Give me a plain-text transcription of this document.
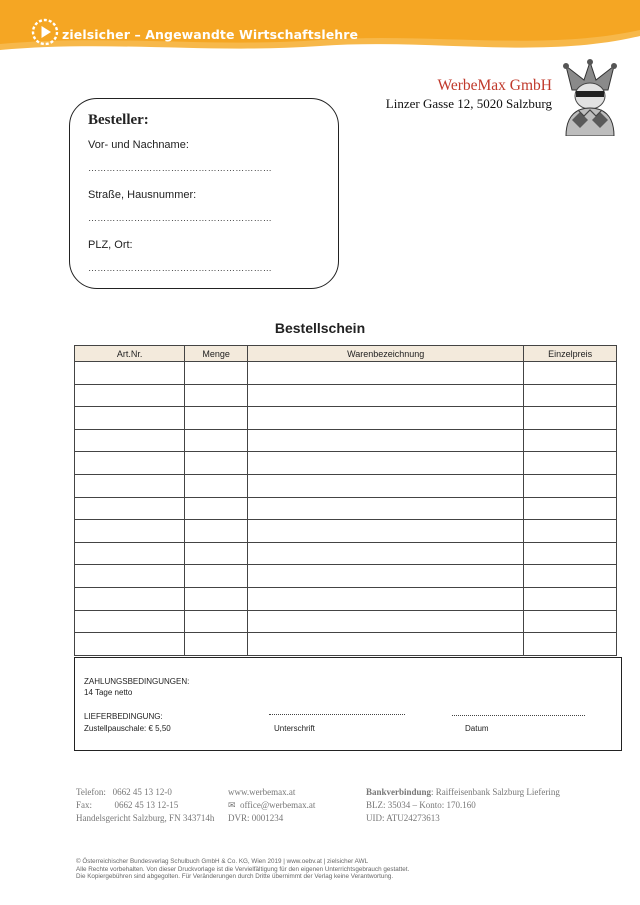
zielsicher – Angewandte Wirtschaftslehre
WerbeMax GmbH
Linzer Gasse 12, 5020 Salzburg
Besteller:
Vor- und Nachname:
……………………………………………………
Straße, Hausnummer:
……………………………………………………
PLZ, Ort:
……………………………………………………
Bestellschein
Art.Nr.	Menge	Warenbezeichnung	Einzelpreis

ZAHLUNGSBEDINGUNGEN:
14 Tage netto
LIEFERBEDINGUNG:
Zustellpauschale: € 5,50	Unterschrift	Datum
Telefon:   0662 45 13 12-0
Fax:          0662 45 13 12-15
Handelsgericht Salzburg, FN 343714h
www.werbemax.at
✉ office@werbemax.at
DVR: 0001234
Bankverbindung: Raiffeisenbank Salzburg Liefering
BLZ: 35034 – Konto: 170.160
UID: ATU24273613
© Österreichischer Bundesverlag Schulbuch GmbH & Co. KG, Wien 2019 | www.oebv.at | zielsicher AWL
Alle Rechte vorbehalten. Von dieser Druckvorlage ist die Vervielfältigung für den eigenen Unterrichtsgebrauch gestattet.
Die Kopiergebühren sind abgegolten. Für Veränderungen durch Dritte übernimmt der Verlag keine Verantwortung.
